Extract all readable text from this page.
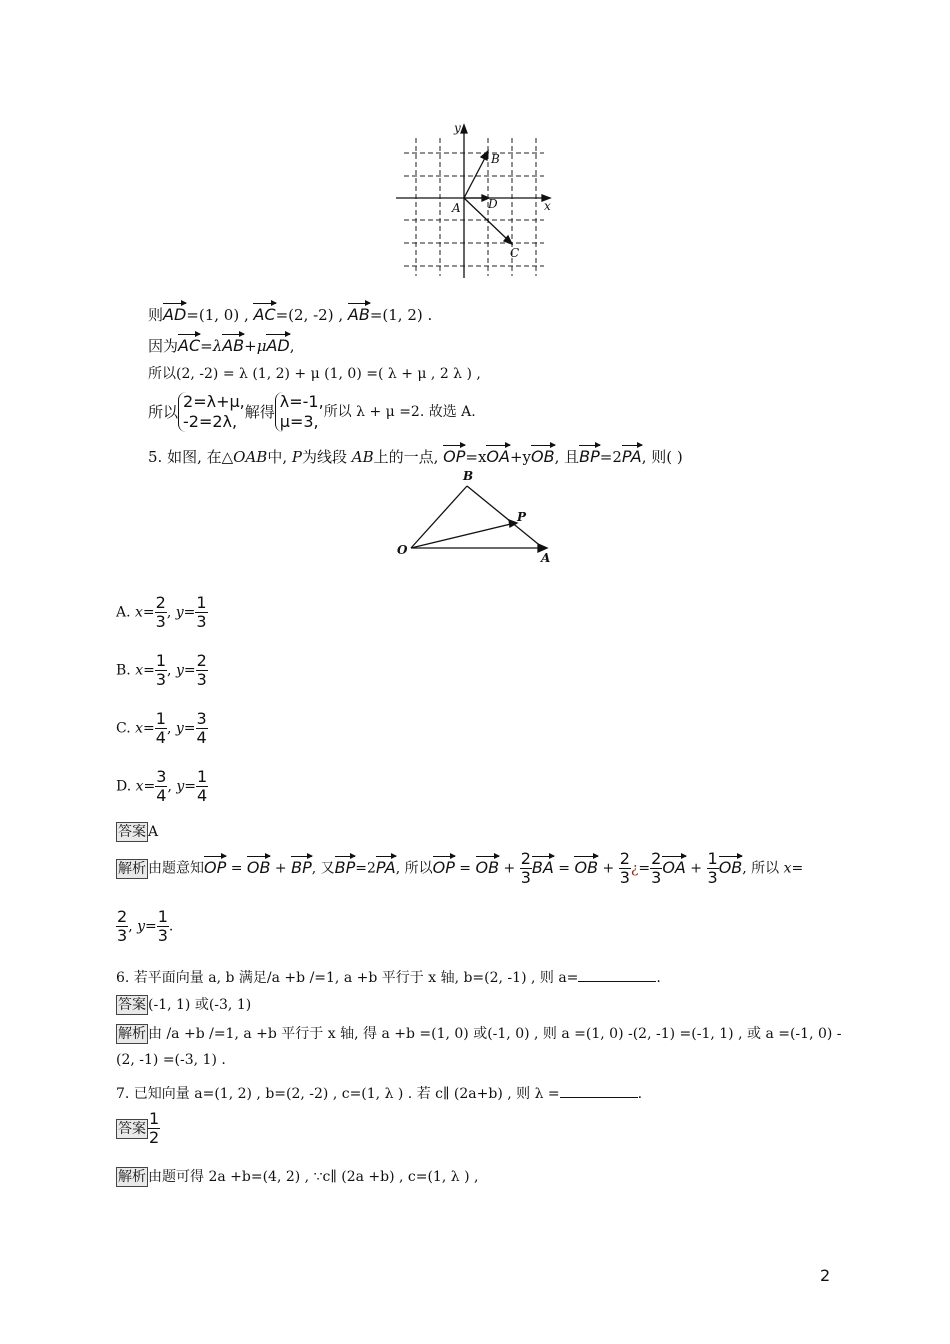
y
x
A
B
C
D
则AD=(1, 0) , AC=(2, -2) , AB=(1, 2) .
因为AC=λAB+μAD,
所以(2, -2) = λ (1, 2) + μ (1, 0) =( λ + μ , 2 λ ) ,
所以
2=λ+μ,
-2=2λ, 解得
λ=-1,
μ=3, 所以 λ + μ =2. 故选 A.
5. 如图, 在△OAB中, P为线段 AB上的一点, OP=xOA+yOB, 且BP=2PA, 则( )
O
A
B
P
A. $x= \frac{2}{3}$ , $y= \frac{1}{3}$
B. $x= \frac{1}{3}$ , $y= \frac{2}{3}$
C. $x= \frac{1}{4}$ , $y= \frac{3}{4}$
D. $x= \frac{3}{4}$ , $y= \frac{1}{4}$
答案 A
解析 由题意知OP = OB + BP, 又BP=2PA, 所以OP = OB + $\frac{2}{3}$ BA = OB + $\frac{2}{3}$ ¿= $\frac{2}{3}$ OA + $\frac{1}{3}$ OB, 所以 x=
$\frac{2}{3}$ , $y= \frac{1}{3}$ .
6. 若平面向量 a, b 满足/a +b /=1, a +b 平行于 x 轴, b=(2, -1) , 则 a=	.
答案 (-1, 1) 或(-3, 1)
解析 由 /a +b /=1, a +b 平行于 x 轴, 得 a +b =(1, 0) 或(-1, 0) , 则 a =(1, 0) -(2, -1) =(-1, 1) , 或 a =(-1, 0) -
(2, -1) =(-3, 1) .
7. 已知向量 a=(1, 2) , b=(2, -2) , c=(1, λ ) . 若 c∥ (2a+b) , 则 λ =	.
答案 $\frac{1}{2}$
解析 由题可得 2a +b=(4, 2) , ∵c∥ (2a +b) , c=(1, λ ) ,
2
